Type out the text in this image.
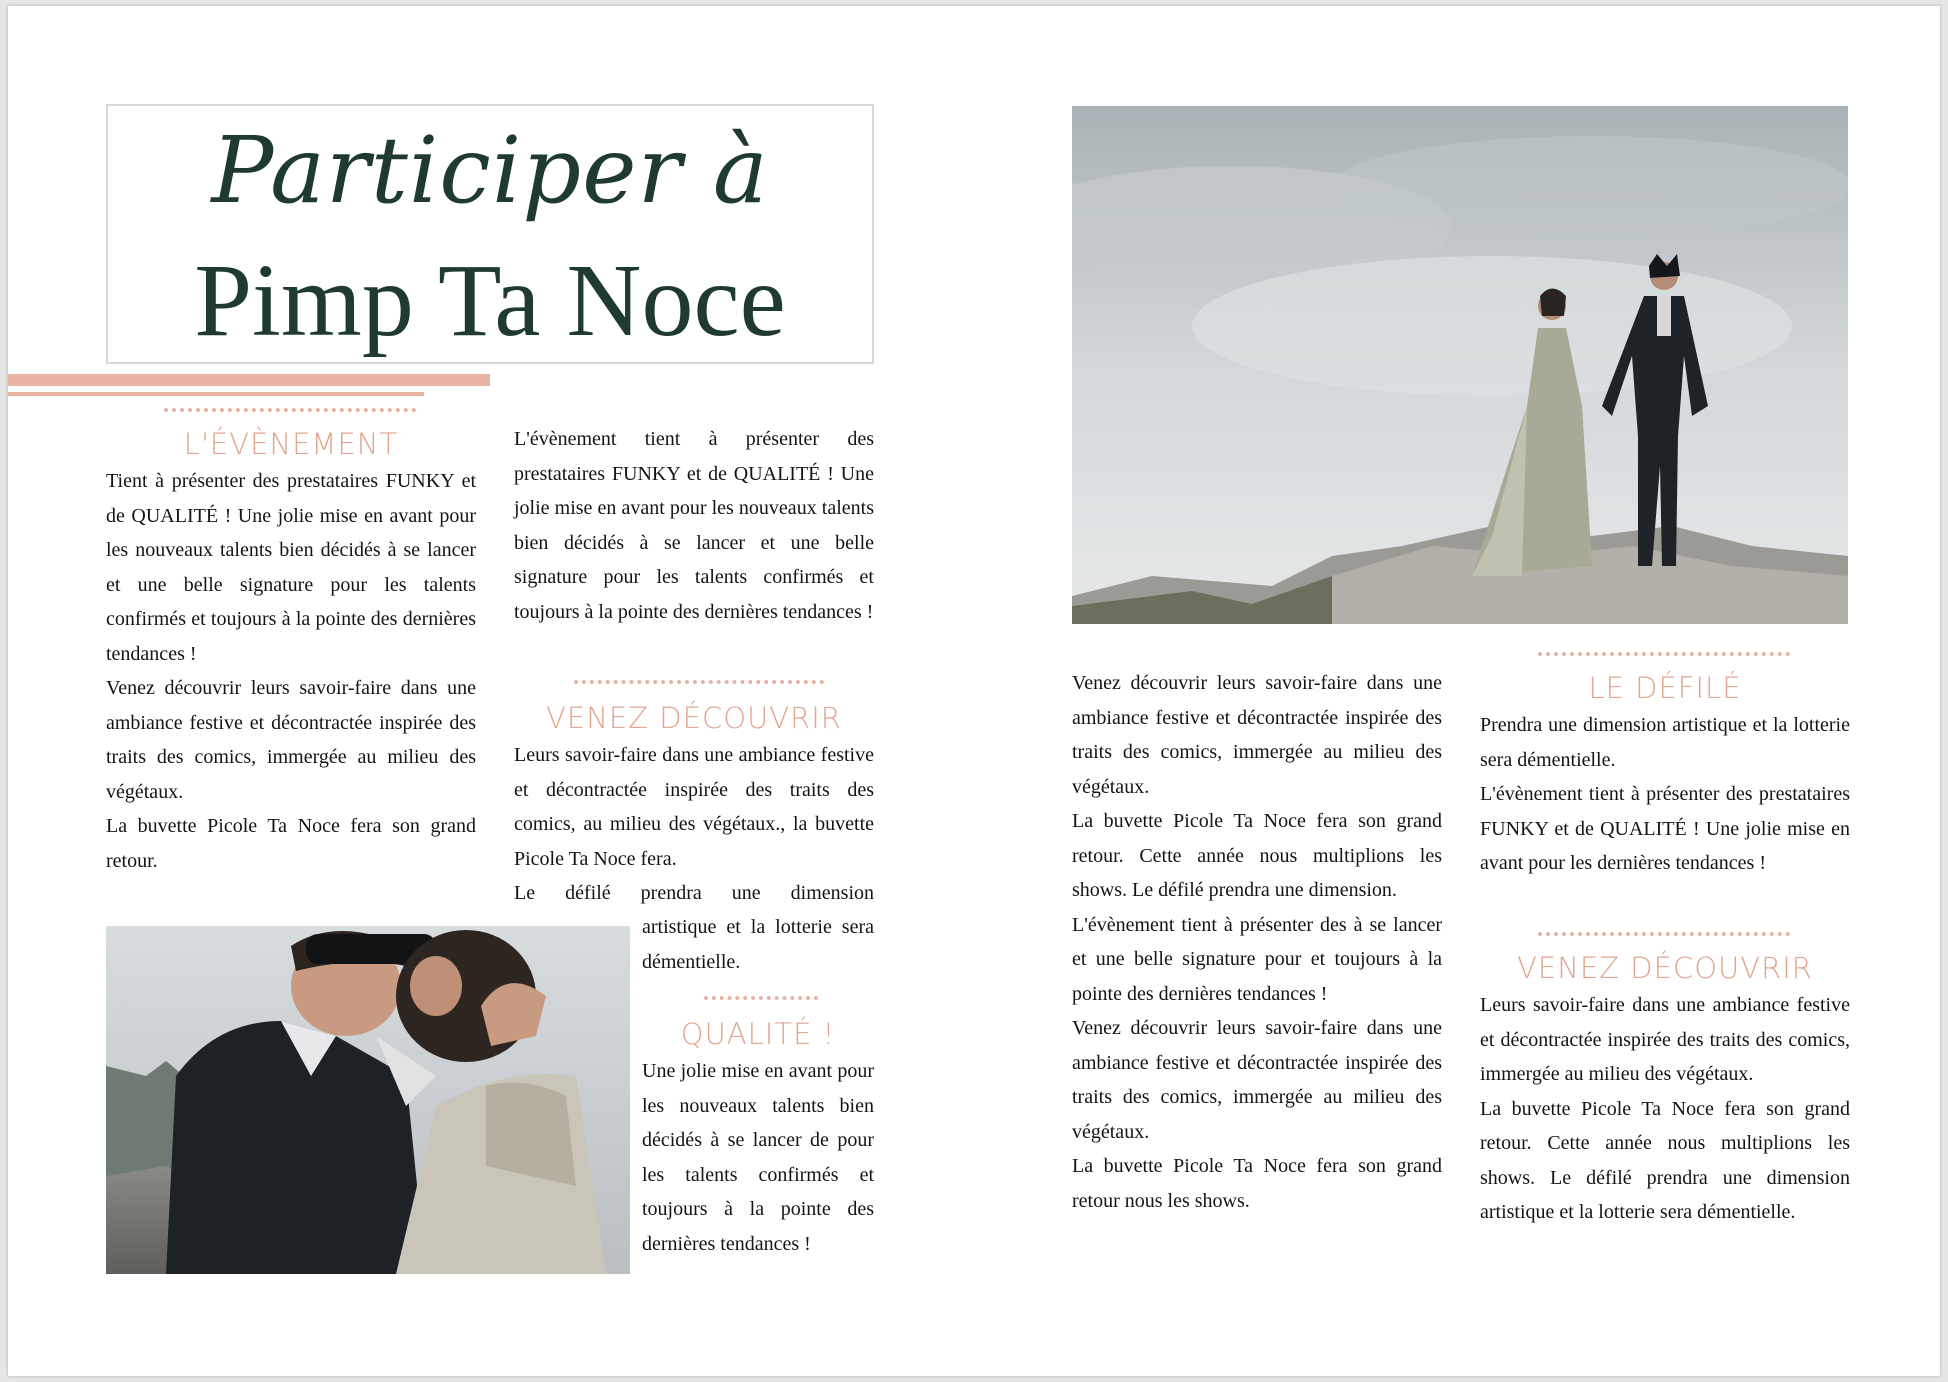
Participer à
Pimp Ta Noce
L'ÉVÈNEMENT

Tient à présenter des prestataires FUNKY et de QUALITÉ ! Une jolie mise en avant pour les nouveaux talents bien décidés à se lancer et une belle signature pour les talents confirmés et toujours à la pointe des dernières tendances !

Venez découvrir leurs savoir-faire dans une ambiance festive et décontractée inspirée des traits des comics, immergée au milieu des végétaux.

La buvette Picole Ta Noce fera son grand retour.

L'évènement tient à présenter des prestataires FUNKY et de QUALITÉ ! Une jolie mise en avant pour les nouveaux talents bien décidés à se lancer et une belle signature pour les talents confirmés et toujours à la pointe des dernières tendances !

VENEZ DÉCOUVRIR

Leurs savoir-faire dans une ambiance festive et décontractée inspirée des traits des comics, au milieu des végétaux., la buvette Picole Ta Noce fera.

Le défilé prendra une dimension

artistique et la lotterie sera démentielle.

QUALITÉ !

Une jolie mise en avant pour les nouveaux talents bien décidés à se lancer de pour les talents confirmés et toujours à la pointe des dernières tendances !

Venez découvrir leurs savoir-faire dans une ambiance festive et décontractée inspirée des traits des comics, immergée au milieu des végétaux.

La buvette Picole Ta Noce fera son grand retour. Cette année nous multiplions les shows. Le défilé prendra une dimension.

L'évènement tient à présenter des à se lancer et une belle signature pour et toujours à la pointe des dernières tendances !

Venez découvrir leurs savoir-faire dans une ambiance festive et décontractée inspirée des traits des comics, immergée au milieu des végétaux.

La buvette Picole Ta Noce fera son grand retour nous les shows.

LE DÉFILÉ

Prendra une dimension artistique et la lotterie sera démentielle.

L'évènement tient à présenter des prestataires FUNKY et de QUALITÉ ! Une jolie mise en avant pour les dernières tendances !

VENEZ DÉCOUVRIR

Leurs savoir-faire dans une ambiance festive et décontractée inspirée des traits des comics, immergée au milieu des végétaux.

La buvette Picole Ta Noce fera son grand retour. Cette année nous multiplions les shows. Le défilé prendra une dimension artistique et la lotterie sera démentielle.
